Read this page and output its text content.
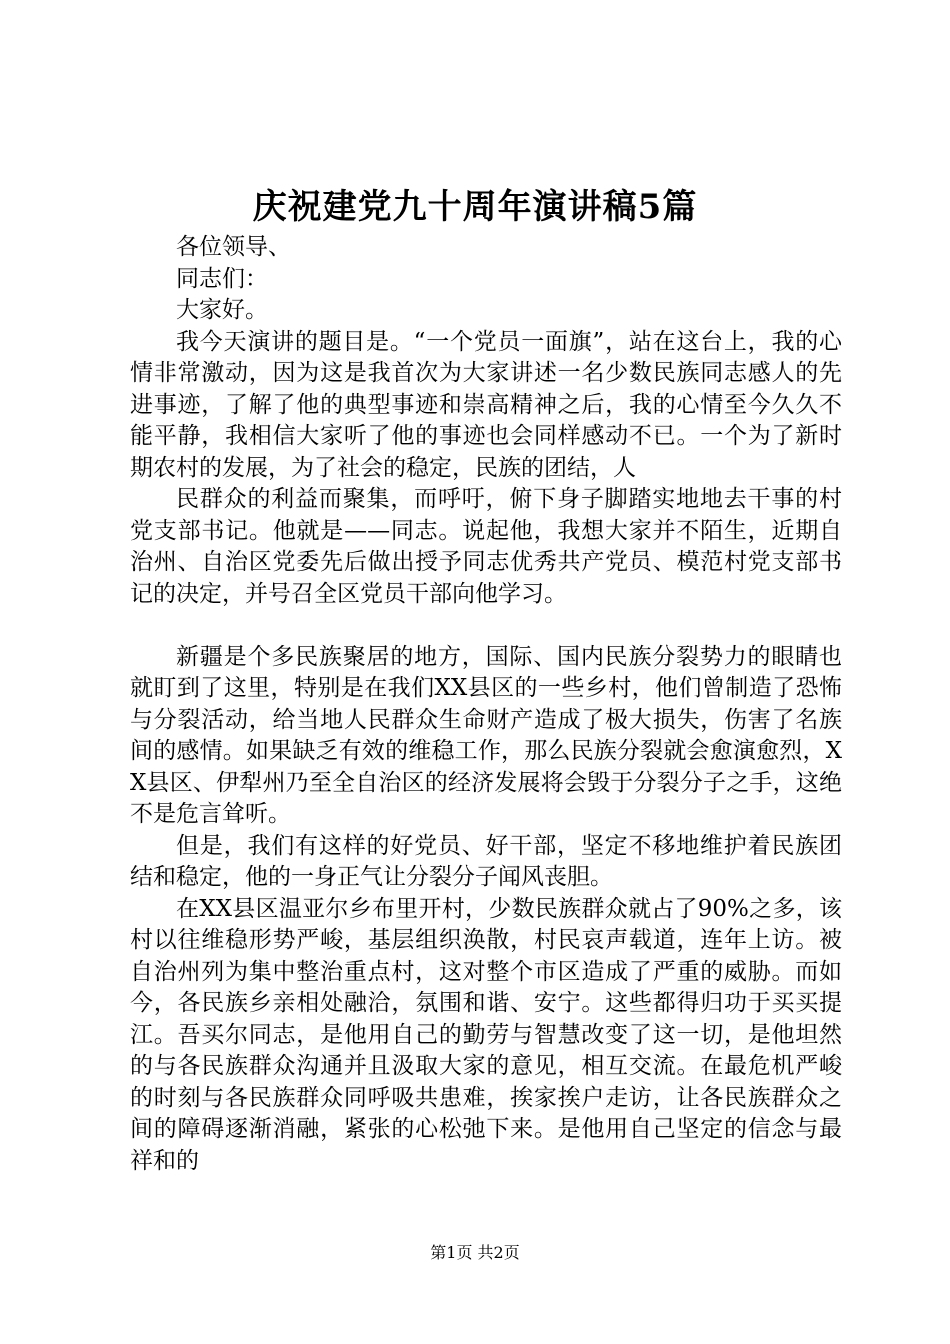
庆祝建党九十周年演讲稿5篇

各位领导、

同志们：

大家好。

我今天演讲的题目是。“一个党员一面旗”，站在这台上，我的心情非常激动，因为这是我首次为大家讲述一名少数民族同志感人的先进事迹，了解了他的典型事迹和崇高精神之后，我的心情至今久久不能平静，我相信大家听了他的事迹也会同样感动不已。一个为了新时期农村的发展，为了社会的稳定，民族的团结，人

民群众的利益而聚集，而呼吁，俯下身子脚踏实地地去干事的村党支部书记。他就是——同志。说起他，我想大家并不陌生，近期自治州、自治区党委先后做出授予同志优秀共产党员、模范村党支部书记的决定，并号召全区党员干部向他学习。

新疆是个多民族聚居的地方，国际、国内民族分裂势力的眼睛也就盯到了这里，特别是在我们XX县区的一些乡村，他们曾制造了恐怖与分裂活动，给当地人民群众生命财产造成了极大损失，伤害了名族间的感情。如果缺乏有效的维稳工作，那么民族分裂就会愈演愈烈，XX县区、伊犁州乃至全自治区的经济发展将会毁于分裂分子之手，这绝不是危言耸听。

但是，我们有这样的好党员、好干部，坚定不移地维护着民族团结和稳定，他的一身正气让分裂分子闻风丧胆。

在XX县区温亚尔乡布里开村，少数民族群众就占了90%之多，该村以往维稳形势严峻，基层组织涣散，村民哀声载道，连年上访。被自治州列为集中整治重点村，这对整个市区造成了严重的威胁。而如今，各民族乡亲相处融洽，氛围和谐、安宁。这些都得归功于买买提江。吾买尔同志，是他用自己的勤劳与智慧改变了这一切，是他坦然的与各民族群众沟通并且汲取大家的意见，相互交流。在最危机严峻的时刻与各民族群众同呼吸共患难，挨家挨户走访，让各民族群众之间的障碍逐渐消融，紧张的心松弛下来。是他用自己坚定的信念与最祥和的

第1页 共2页
